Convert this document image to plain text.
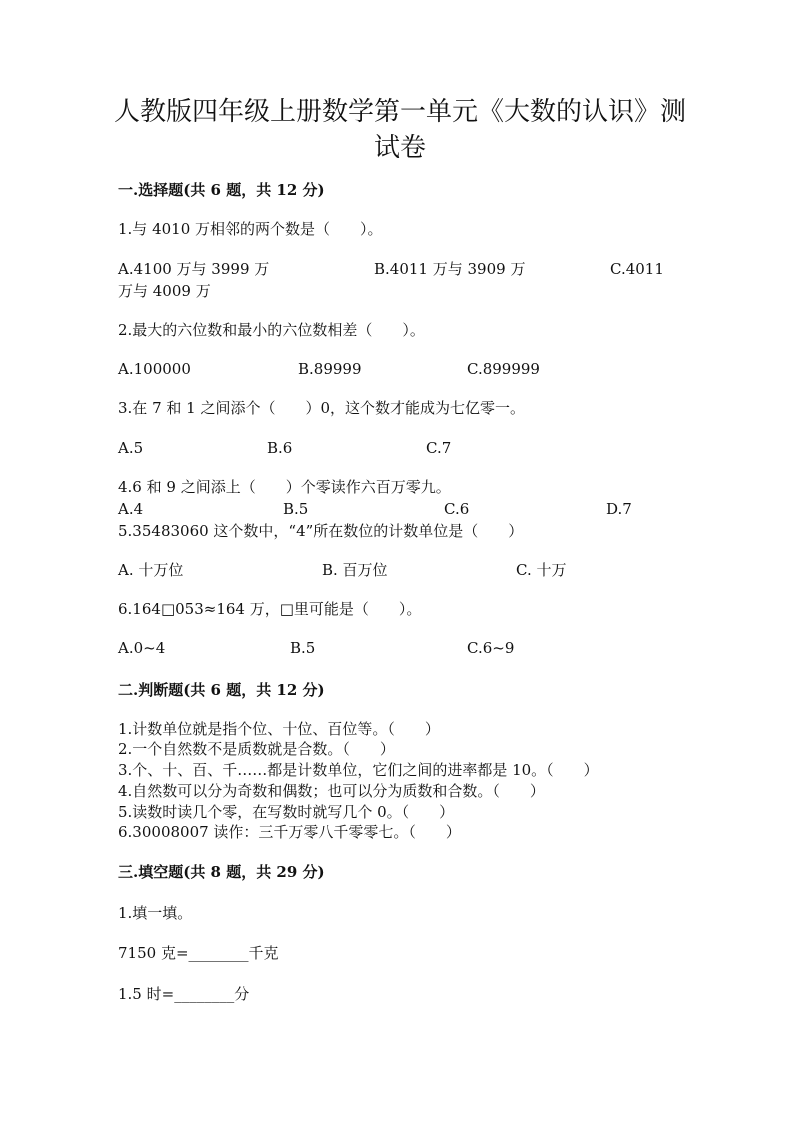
人教版四年级上册数学第一单元《大数的认识》测
试卷
一.选择题(共 6 题，共 12 分)
1.与 4010 万相邻的两个数是（　　）。
A.4100 万与 3999 万	B.4011 万与 3909 万	C.4011
万与 4009 万
2.最大的六位数和最小的六位数相差（　　）。
A.100000	B.89999	C.899999
3.在 7 和 1 之间添个（　　）0，这个数才能成为七亿零一。
A.5	B.6	C.7
4.6 和 9 之间添上（　　）个零读作六百万零九。
A.4	B.5	C.6	D.7
5.35483060 这个数中，“4”所在数位的计数单位是（　　）
A. 十万位	B. 百万位	C. 十万
6.164□053≈164 万，□里可能是（　　）。
A.0~4	B.5	C.6~9
二.判断题(共 6 题，共 12 分)
1.计数单位就是指个位、十位、百位等。（　　）
2.一个自然数不是质数就是合数。（　　）
3.个、十、百、千……都是计数单位，它们之间的进率都是 10。（　　）
4.自然数可以分为奇数和偶数；也可以分为质数和合数。（　　）
5.读数时读几个零，在写数时就写几个 0。（　　）
6.30008007 读作：三千万零八千零零七。（　　）
三.填空题(共 8 题，共 29 分)
1.填一填。
7150 克=________千克
1.5 时=________分
